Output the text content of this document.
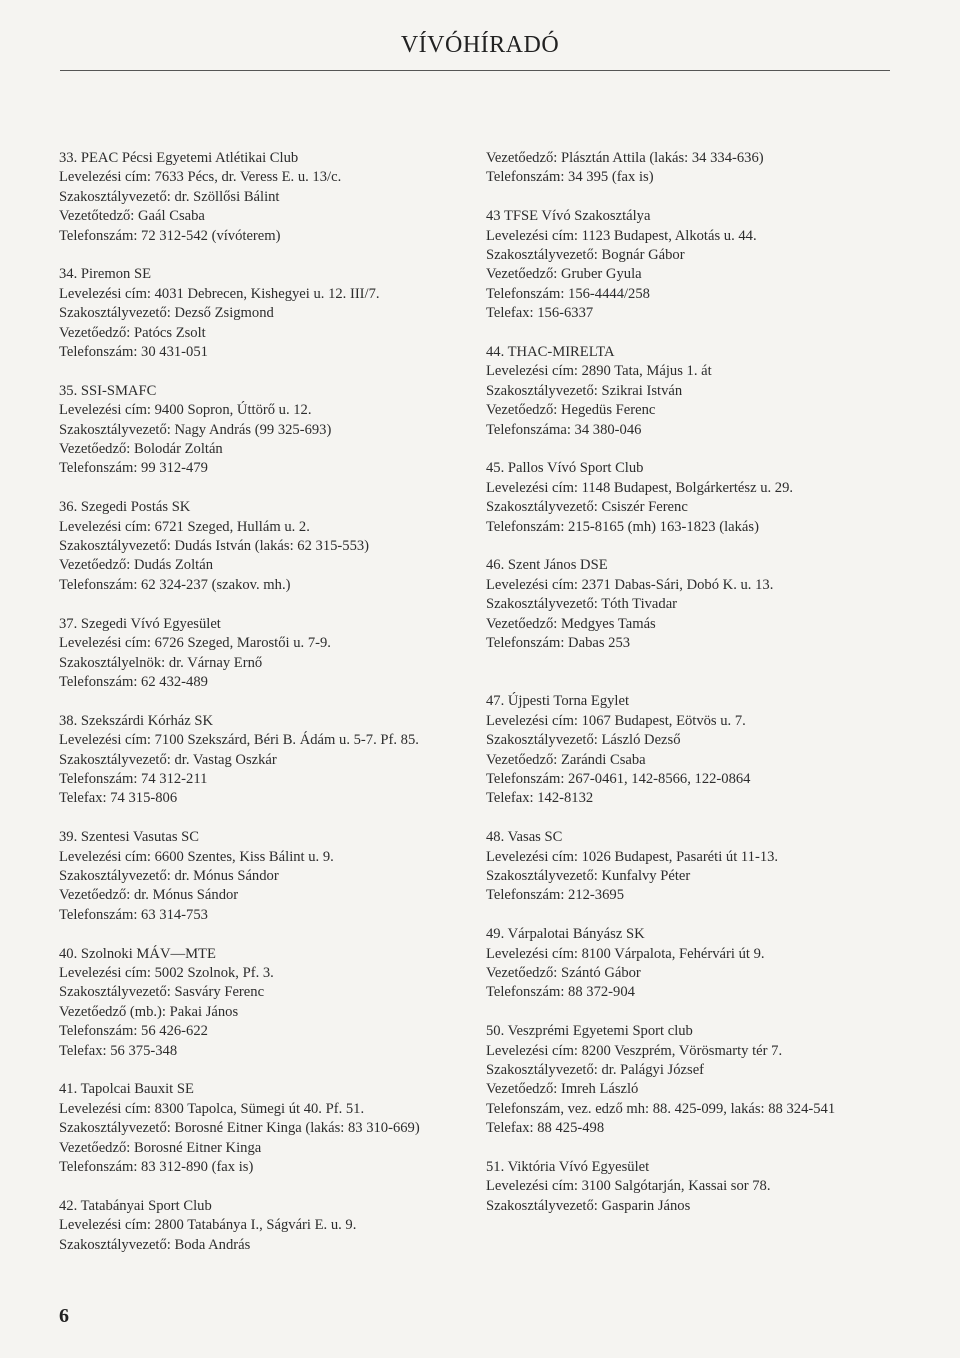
VÍVÓHÍRADÓ
33. PEAC Pécsi Egyetemi Atlétikai Club
Levelezési cím: 7633 Pécs, dr. Veress E. u. 13/c.
Szakosztályvezető: dr. Szöllősi Bálint
Vezetőtedző: Gaál Csaba
Telefonszám: 72 312-542 (vívóterem)
34. Piremon SE
Levelezési cím: 4031 Debrecen, Kishegyei u. 12. III/7.
Szakosztályvezető: Dezső Zsigmond
Vezetőedző: Patócs Zsolt
Telefonszám: 30 431-051
35. SSI-SMAFC
Levelezési cím: 9400 Sopron, Úttörő u. 12.
Szakosztályvezető: Nagy András (99 325-693)
Vezetőedző: Bolodár Zoltán
Telefonszám: 99 312-479
36. Szegedi Postás SK
Levelezési cím: 6721 Szeged, Hullám u. 2.
Szakosztályvezető: Dudás István (lakás: 62 315-553)
Vezetőedző: Dudás Zoltán
Telefonszám: 62 324-237 (szakov. mh.)
37. Szegedi Vívó Egyesület
Levelezési cím: 6726 Szeged, Marostői u. 7-9.
Szakosztályelnök: dr. Várnay Ernő
Telefonszám: 62 432-489
38. Szekszárdi Kórház SK
Levelezési cím: 7100 Szekszárd, Béri B. Ádám u. 5-7. Pf. 85.
Szakosztályvezető: dr. Vastag Oszkár
Telefonszám: 74 312-211
Telefax: 74 315-806
39. Szentesi Vasutas SC
Levelezési cím: 6600 Szentes, Kiss Bálint u. 9.
Szakosztályvezető: dr. Mónus Sándor
Vezetőedző: dr. Mónus Sándor
Telefonszám: 63 314-753
40. Szolnoki MÁV—MTE
Levelezési cím: 5002 Szolnok, Pf. 3.
Szakosztályvezető: Sasváry Ferenc
Vezetőedző (mb.): Pakai János
Telefonszám: 56 426-622
Telefax: 56 375-348
41. Tapolcai Bauxit SE
Levelezési cím: 8300 Tapolca, Sümegi út 40. Pf. 51.
Szakosztályvezető: Borosné Eitner Kinga (lakás: 83 310-669)
Vezetőedző: Borosné Eitner Kinga
Telefonszám: 83 312-890 (fax is)
42. Tatabányai Sport Club
Levelezési cím: 2800 Tatabánya I., Ságvári E. u. 9.
Szakosztályvezető: Boda András
Vezetőedző: Plásztán Attila (lakás: 34 334-636)
Telefonszám: 34 395 (fax is)
43 TFSE Vívó Szakosztálya
Levelezési cím: 1123 Budapest, Alkotás u. 44.
Szakosztályvezető: Bognár Gábor
Vezetőedző: Gruber Gyula
Telefonszám: 156-4444/258
Telefax: 156-6337
44. THAC-MIRELTA
Levelezési cím: 2890 Tata, Május 1. át
Szakosztályvezető: Szikrai István
Vezetőedző: Hegedüs Ferenc
Telefonszáma: 34 380-046
45. Pallos Vívó Sport Club
Levelezési cím: 1148 Budapest, Bolgárkertész u. 29.
Szakosztályvezető: Csiszér Ferenc
Telefonszám: 215-8165 (mh) 163-1823 (lakás)
46. Szent János DSE
Levelezési cím: 2371 Dabas-Sári, Dobó K. u. 13.
Szakosztályvezető: Tóth Tivadar
Vezetőedző: Medgyes Tamás
Telefonszám: Dabas 253
47. Újpesti Torna Egylet
Levelezési cím: 1067 Budapest, Eötvös u. 7.
Szakosztályvezető: László Dezső
Vezetőedző: Zarándi Csaba
Telefonszám: 267-0461, 142-8566, 122-0864
Telefax: 142-8132
48. Vasas SC
Levelezési cím: 1026 Budapest, Pasaréti út 11-13.
Szakosztályvezető: Kunfalvy Péter
Telefonszám: 212-3695
49. Várpalotai Bányász SK
Levelezési cím: 8100 Várpalota, Fehérvári út 9.
Vezetőedző: Szántó Gábor
Telefonszám: 88 372-904
50. Veszprémi Egyetemi Sport club
Levelezési cím: 8200 Veszprém, Vörösmarty tér 7.
Szakosztályvezető: dr. Palágyi József
Vezetőedző: Imreh László
Telefonszám, vez. edző mh: 88. 425-099, lakás: 88 324-541
Telefax: 88 425-498
51. Viktória Vívó Egyesület
Levelezési cím: 3100 Salgótarján, Kassai sor 78.
Szakosztályvezető: Gasparin János
6
